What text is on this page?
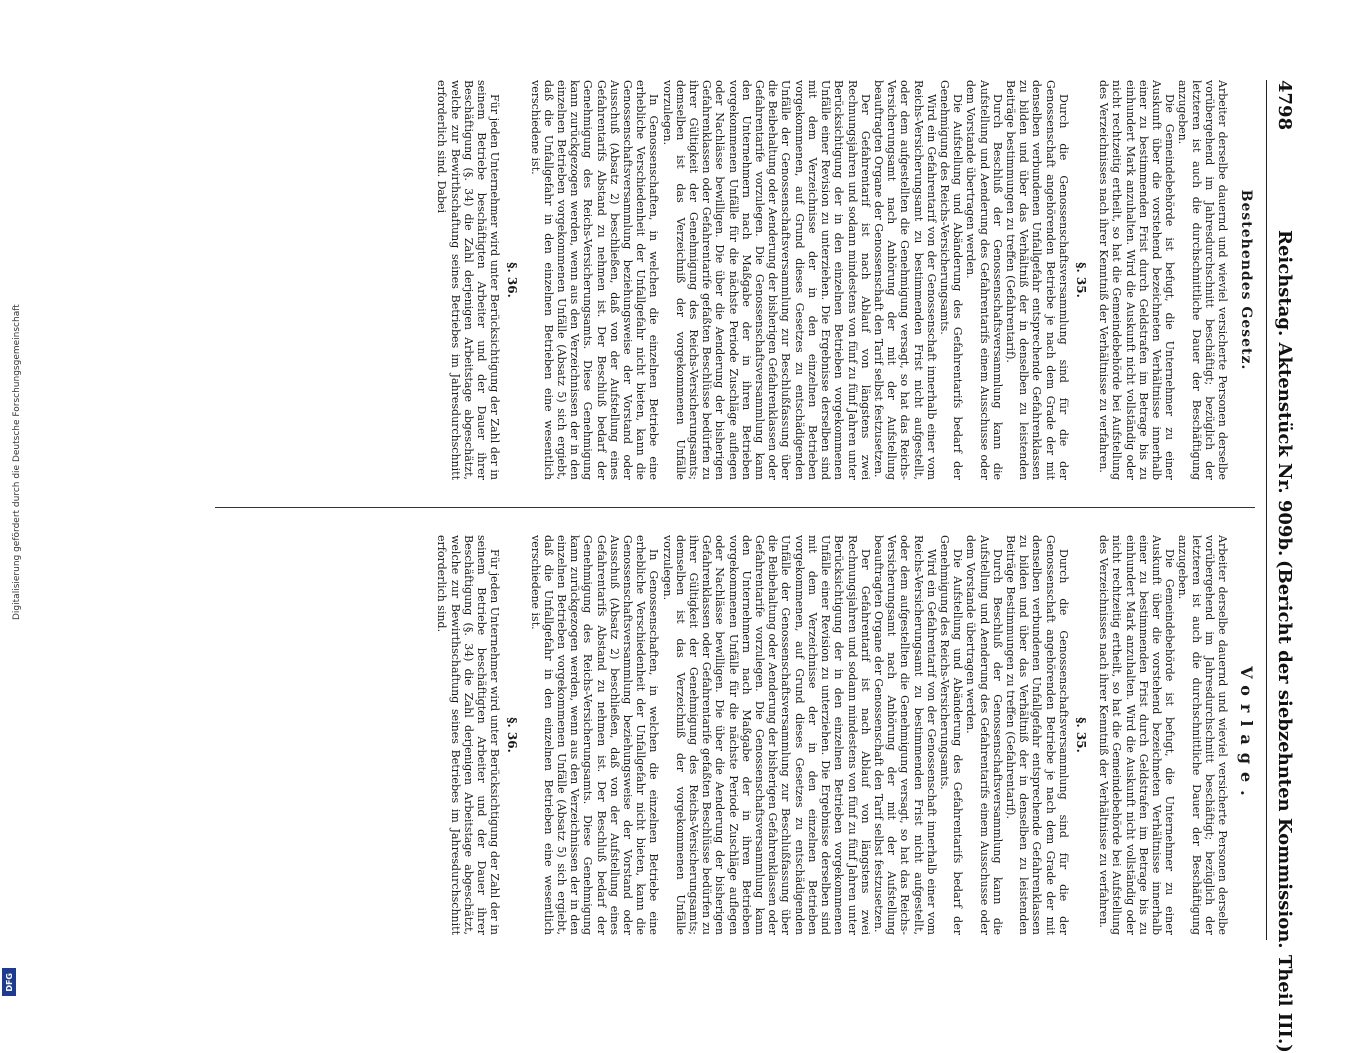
4798
Reichstag. Aktenstück Nr. 909b.
(Bericht der siebzehnten Kommission. Theil III.)
Bestehendes Gesetz.

Arbeiter derselbe dauernd und wieviel versicherte Personen derselbe vorübergehend im Jahresdurchschnitt beschäftigt; bezüglich der letzteren ist auch die durchschnittliche Dauer der Beschäftigung anzugeben.

Die Gemeindebehörde ist befugt, die Unternehmer zu einer Auskunft über die vorstehend bezeichneten Verhältnisse innerhalb einer zu bestimmenden Frist durch Geldstrafen im Betrage bis zu einhundert Mark anzuhalten. Wird die Auskunft nicht vollständig oder nicht rechtzeitig ertheilt, so hat die Gemeindebehörde bei Aufstellung des Verzeichnisses nach ihrer Kenntniß der Verhältnisse zu verfahren.

§. 35.

Durch die Genossenschaftsversammlung sind für die der Genossenschaft angehörenden Betriebe je nach dem Grade der mit denselben verbundenen Unfallgefahr entsprechende Gefahrenklassen zu bilden und über das Verhältniß der in denselben zu leistenden Beiträge bestimmungen zu treffen (Gefahrentarif).

Durch Beschluß der Genossenschaftsversammlung kann die Aufstellung und Aenderung des Gefahrentarifs einem Ausschusse oder dem Vorstande übertragen werden.

Die Aufstellung und Abänderung des Gefahrentarifs bedarf der Genehmigung des Reichs-Versicherungsamts.

Wird ein Gefahrentarif von der Genossenschaft innerhalb einer vom Reichs-Versicherungsamt zu bestimmenden Frist nicht aufgestellt, oder dem aufgestellten die Genehmigung versagt, so hat das Reichs-Versicherungsamt nach Anhörung der mit der Aufstellung beauftragten Organe der Genossenschaft den Tarif selbst festzusetzen.

Der Gefahrentarif ist nach Ablauf von längstens zwei Rechnungsjahren und sodann mindestens von fünf zu fünf Jahren unter Berücksichtigung der in den einzelnen Betrieben vorgekommenen Unfälle einer Revision zu unterziehen. Die Ergebnisse derselben sind mit dem Verzeichnisse der in den einzelnen Betrieben vorgekommenen, auf Grund dieses Gesetzes zu entschädigenden Unfälle der Genossenschaftsversammlung zur Beschlußfassung über die Beibehaltung oder Aenderung der bisherigen Gefahrenklassen oder Gefahrentarife vorzulegen. Die Genossenschaftsversammlung kann den Unternehmern nach Maßgabe der in ihren Betrieben vorgekommenen Unfälle für die nächste Periode Zuschläge auflegen oder Nachlässe bewilligen. Die über die Aenderung der bisherigen Gefahrenklassen oder Gefahrentarife gefaßten Beschlüsse bedürfen zu ihrer Gültigkeit der Genehmigung des Reichs-Versicherungsamts; demselben ist das Verzeichniß der vorgekommenen Unfälle vorzulegen.

In Genossenschaften, in welchen die einzelnen Betriebe eine erhebliche Verschiedenheit der Unfallgefahr nicht bieten, kann die Genossenschaftsversammlung beziehungsweise der Vorstand oder Ausschuß (Absatz 2) beschließen, daß von der Aufstellung eines Gefahrentarifs Abstand zu nehmen ist. Der Beschluß bedarf der Genehmigung des Reichs-Versicherungsamts. Diese Genehmigung kann zurückgezogen werden, wenn aus den Verzeichnissen der in den einzelnen Betrieben vorgekommenen Unfälle (Absatz 5) sich ergiebt, daß die Unfallgefahr in den einzelnen Betrieben eine wesentlich verschiedene ist.

§. 36.

Für jeden Unternehmer wird unter Berücksichtigung der Zahl der in seinem Betriebe beschäftigten Arbeiter und der Dauer ihrer Beschäftigung (§. 34) die Zahl derjenigen Arbeitstage abgeschätzt, welche zur Bewirthschaftung seines Betriebes im Jahresdurchschnitt erforderlich sind. Dabei

Vorlage.

Arbeiter derselbe dauernd und wieviel versicherte Personen derselbe vorübergehend im Jahresdurchschnitt beschäftigt; bezüglich der letzteren ist auch die durchschnittliche Dauer der Beschäftigung anzugeben.

Die Gemeindebehörde ist befugt, die Unternehmer zu einer Auskunft über die vorstehend bezeichneten Verhältnisse innerhalb einer zu bestimmenden Frist durch Geldstrafen im Betrage bis zu einhundert Mark anzuhalten. Wird die Auskunft nicht vollständig oder nicht rechtzeitig ertheilt, so hat die Gemeindebehörde bei Aufstellung des Verzeichnisses nach ihrer Kenntniß der Verhältnisse zu verfahren.

§. 35.

Durch die Genossenschaftsversammlung sind für die der Genossenschaft angehörenden Betriebe je nach dem Grade der mit denselben verbundenen Unfallgefahr entsprechende Gefahrenklassen zu bilden und über das Verhältniß der in denselben zu leistenden Beiträge Bestimmungen zu treffen (Gefahrentarif).

Durch Beschluß der Genossenschaftsversammlung kann die Aufstellung und Aenderung des Gefahrentarifs einem Ausschusse oder dem Vorstande übertragen werden.

Die Aufstellung und Abänderung des Gefahrentarifs bedarf der Genehmigung des Reichs-Versicherungsamts.

Wird ein Gefahrentarif von der Genossenschaft innerhalb einer vom Reichs-Versicherungsamt zu bestimmenden Frist nicht aufgestellt, oder dem aufgestellten die Genehmigung versagt, so hat das Reichs-Versicherungsamt nach Anhörung der mit der Aufstellung beauftragten Organe der Genossenschaft den Tarif selbst festzusetzen.

Der Gefahrentarif ist nach Ablauf von längstens zwei Rechnungsjahren und sodann mindestens von fünf zu fünf Jahren unter Berücksichtigung der in den einzelnen Betrieben vorgekommenen Unfälle einer Revision zu unterziehen. Die Ergebnisse derselben sind mit dem Verzeichnisse der in den einzelnen Betrieben vorgekommenen, auf Grund dieses Gesetzes zu entschädigenden Unfälle der Genossenschaftsversammlung zur Beschlußfassung über die Beibehaltung oder Aenderung der bisherigen Gefahrenklassen oder Gefahrentarife vorzulegen. Die Genossenschaftsversammlung kann den Unternehmern nach Maßgabe der in ihren Betrieben vorgekommenen Unfälle für die nächste Periode Zuschläge auflegen oder Nachlässe bewilligen. Die über die Aenderung der bisherigen Gefahrenklassen oder Gefahrentarife gefaßten Beschlüsse bedürfen zu ihrer Gültigkeit der Genehmigung des Reichs-Versicherungsamts; demselben ist das Verzeichniß der vorgekommenen Unfälle vorzulegen.

In Genossenschaften, in welchen die einzelnen Betriebe eine erhebliche Verschiedenheit der Unfallgefahr nicht bieten, kann die Genossenschaftsversammlung beziehungsweise der Vorstand oder Ausschuß (Absatz 2) beschließen, daß von der Aufstellung eines Gefahrentarifs Abstand zu nehmen ist. Der Beschluß bedarf der Genehmigung des Reichs-Versicherungsamts. Diese Genehmigung kann zurückgezogen werden, wenn aus den Verzeichnissen der in den einzelnen Betrieben vorgekommenen Unfälle (Absatz 5) sich ergiebt, daß die Unfallgefahr in den einzelnen Betrieben eine wesentlich verschiedene ist.

§. 36.

Für jeden Unternehmer wird unter Berücksichtigung der Zahl der in seinem Betriebe beschäftigten Arbeiter und der Dauer ihrer Beschäftigung (§. 34) die Zahl derjenigen Arbeitstage abgeschätzt, welche zur Bewirthschaftung seines Betriebes im Jahresdurchschnitt erforderlich sind.

Digitalisierung gefördert durch die Deutsche Forschungsgemeinschaft
DFG
